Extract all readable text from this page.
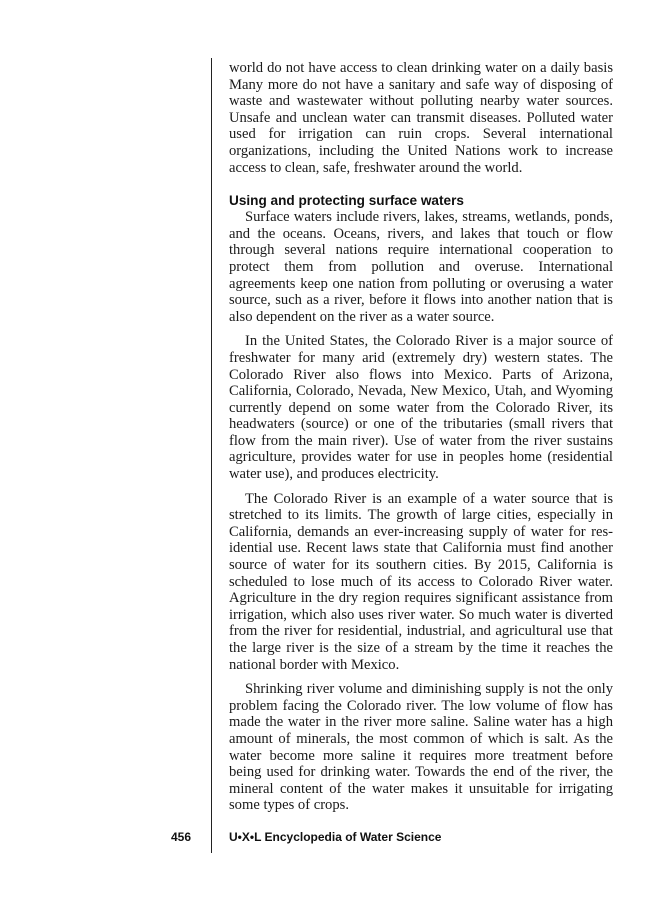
world do not have access to clean drinking water on a daily basis Many more do not have a sanitary and safe way of disposing of waste and wastewater without polluting nearby water sources. Unsafe and unclean water can transmit diseases. Polluted water used for irrigation can ruin crops. Several international organizations, including the United Nations work to increase access to clean, safe, freshwater around the world.

Using and protecting surface waters

Surface waters include rivers, lakes, streams, wetlands, ponds, and the oceans. Oceans, rivers, and lakes that touch or flow through several nations require international cooperation to protect them from pollution and overuse. International agreements keep one nation from polluting or overusing a water source, such as a river, before it flows into another nation that is also dependent on the river as a water source.

In the United States, the Colorado River is a major source of freshwater for many arid (extremely dry) western states. The Colorado River also flows into Mexico. Parts of Arizona, California, Colorado, Nevada, New Mexico, Utah, and Wyoming currently depend on some water from the Colorado River, its headwaters (source) or one of the tributaries (small rivers that flow from the main river). Use of water from the river sustains agriculture, provides water for use in peoples home (residential water use), and produces electricity.

The Colorado River is an example of a water source that is stretched to its limits. The growth of large cities, especially in California, demands an ever-increasing supply of water for residential use. Recent laws state that California must find another source of water for its southern cities. By 2015, California is scheduled to lose much of its access to Colorado River water. Agriculture in the dry region requires significant assistance from irrigation, which also uses river water. So much water is diverted from the river for residential, industrial, and agricultural use that the large river is the size of a stream by the time it reaches the national border with Mexico.

Shrinking river volume and diminishing supply is not the only problem facing the Colorado river. The low volume of flow has made the water in the river more saline. Saline water has a high amount of minerals, the most common of which is salt. As the water become more saline it requires more treatment before being used for drinking water. Towards the end of the river, the mineral content of the water makes it unsuitable for irrigating some types of crops.

456	U•X•L Encyclopedia of Water Science
